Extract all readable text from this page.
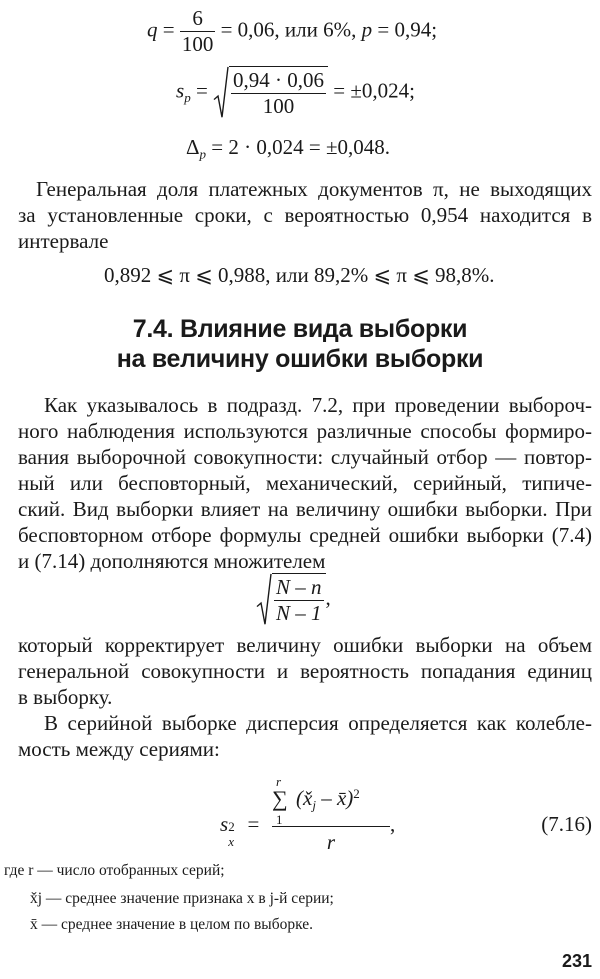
$q = \frac{6}{100} = 0,06$, или 6%, p = 0,94;
$s_p = \frac{0,94 \cdot 0,06}{100} = \pm 0,024$;
$\Delta_p = 2 \cdot 0,024 = \pm 0,048$.

Генеральная доля платежных документов π, не выходящих

за установленные сроки, с вероятностью 0,954 находится в

интервале

0,892 ⩽ π ⩽ 0,988, или 89,2% ⩽ π ⩽ 98,8%.
7.4. Влияние вида выборки
на величину ошибки выборки

Как указывалось в подразд. 7.2, при проведении выбороч-

ного наблюдения используются различные способы формиро-

вания выборочной совокупности: случайный отбор — повтор-

ный или бесповторный, механический, серийный, типиче-

ский. Вид выборки влияет на величину ошибки выборки. При

бесповторном отборе формулы средней ошибки выборки (7.4)

и (7.14) дополняются множителем

$\frac{N - n}{N - 1}$ ,

который корректирует величину ошибки выборки на объем

генеральной совокупности и вероятность попадания единиц

в выборку.

В серийной выборке дисперсия определяется как колебле-

мость между сериями:

s 2
x
=
r
∑ ($x̌_j$ – x̄)$^2$
1
r
,	(7.16)
где r — число отобранных серий;
x̌j — среднее значение признака x в j-й серии;
x̄ — среднее значение в целом по выборке.
231
